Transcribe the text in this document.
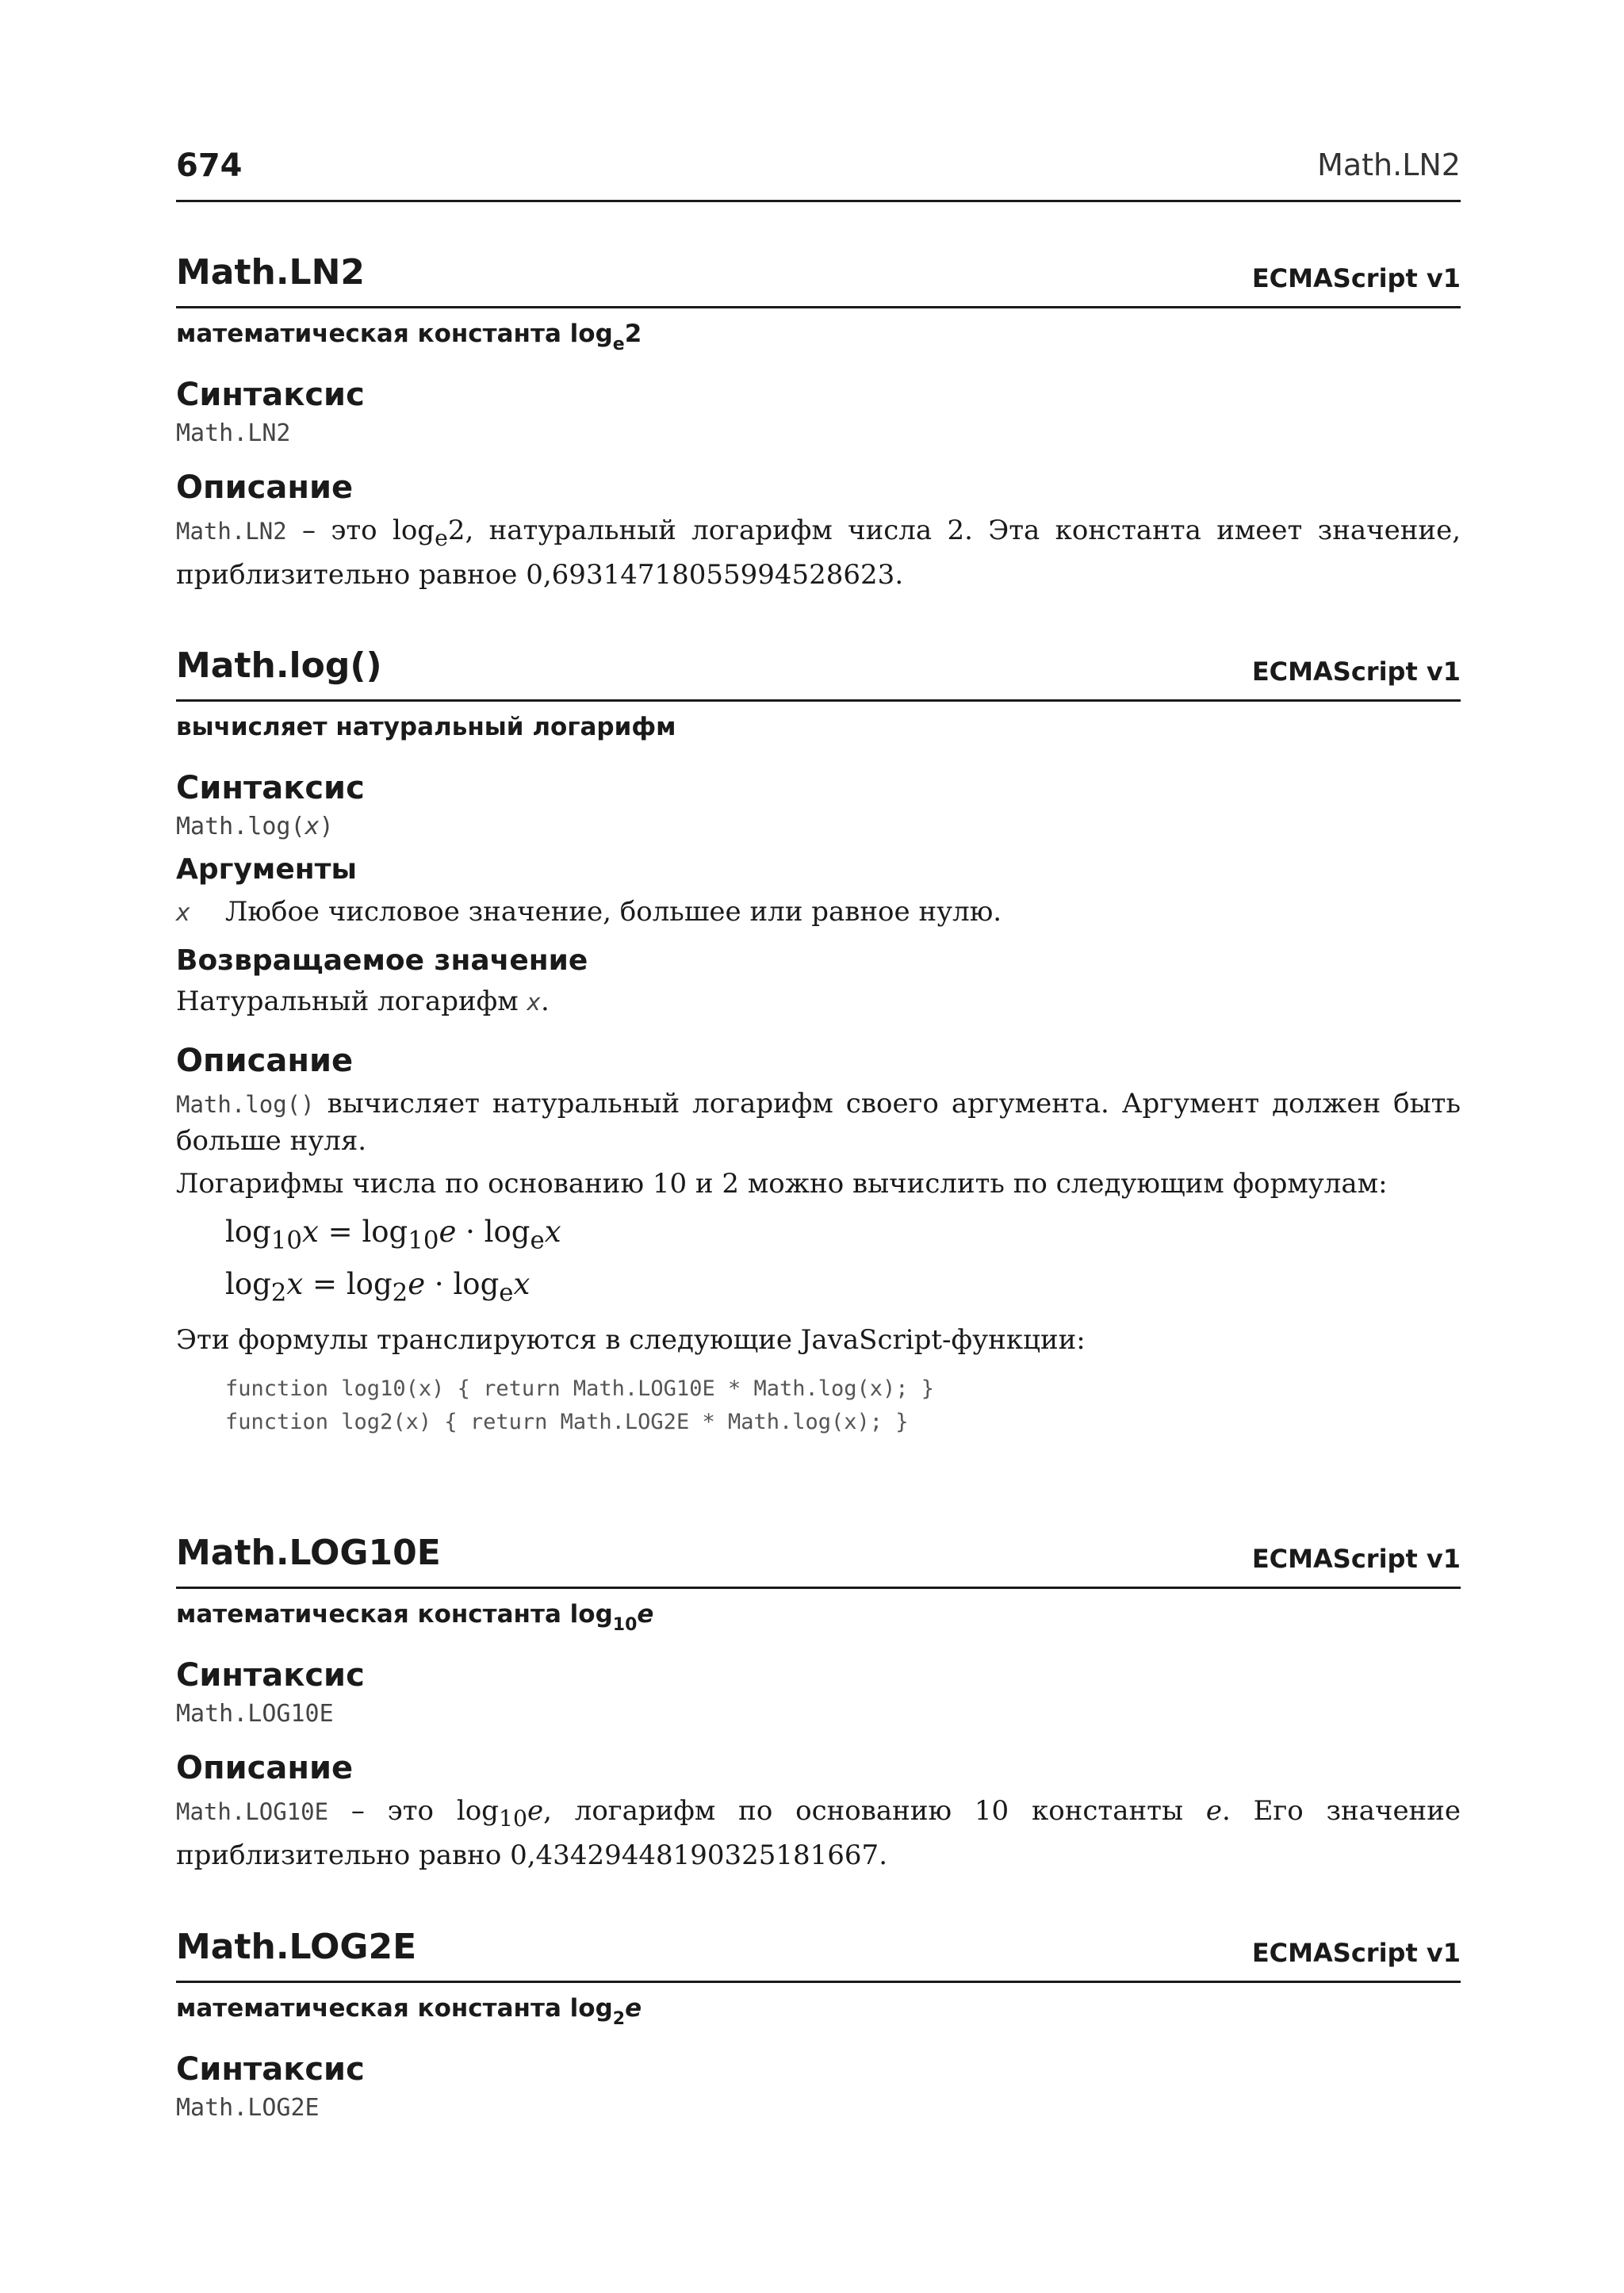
674	Math.LN2
Math.LN2	ECMAScript v1
математическая константа $\log_e2$
Синтаксис
Math.LN2
Описание
Math.LN2 – это $\log_e2$, натуральный логарифм числа 2. Эта константа имеет значение, приблизительно равное 0,69314718055994528623.
Math.log()	ECMAScript v1
вычисляет натуральный логарифм
Синтаксис
Math.log(x)
Аргументы
x Любое числовое значение, большее или равное нулю.
Возвращаемое значение
Натуральный логарифм x.
Описание
Math.log() вычисляет натуральный логарифм своего аргумента. Аргумент должен быть больше нуля.
Логарифмы числа по основанию 10 и 2 можно вычислить по следующим формулам:
$\log_{10}x = \log_{10}e \cdot \log_ex$
$\log_2x = \log_2e \cdot \log_ex$
Эти формулы транслируются в следующие JavaScript-функции:
function log10(x) { return Math.LOG10E * Math.log(x); }
function log2(x) { return Math.LOG2E * Math.log(x); }
Math.LOG10E	ECMAScript v1
математическая константа $\log_{10}e$
Синтаксис
Math.LOG10E
Описание
Math.LOG10E – это $\log_{10}e$, логарифм по основанию 10 константы e. Его значение приблизительно равно 0,43429448190325181667.
Math.LOG2E	ECMAScript v1
математическая константа $\log_2e$
Синтаксис
Math.LOG2E
